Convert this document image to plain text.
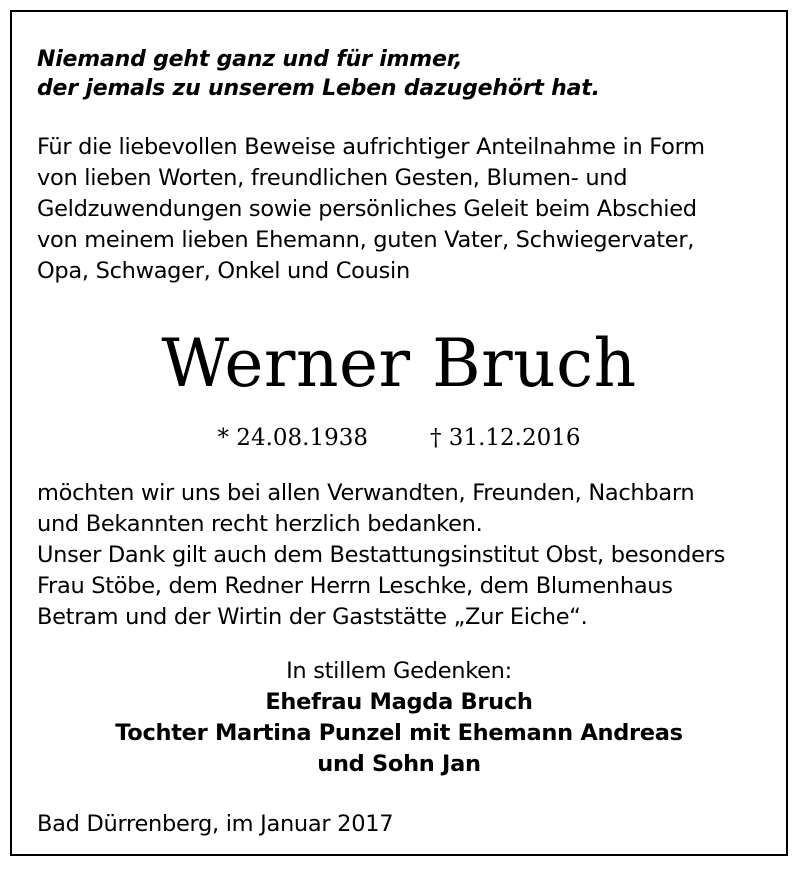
Niemand geht ganz und für immer,
der jemals zu unserem Leben dazugehört hat.
Für die liebevollen Beweise aufrichtiger Anteilnahme in Form
von lieben Worten, freundlichen Gesten, Blumen- und
Geldzuwendungen sowie persönliches Geleit beim Abschied
von meinem lieben Ehemann, guten Vater, Schwiegervater,
Opa, Schwager, Onkel und Cousin
Werner Bruch
* 24.08.1938	† 31.12.2016
möchten wir uns bei allen Verwandten, Freunden, Nachbarn
und Bekannten recht herzlich bedanken.
Unser Dank gilt auch dem Bestattungsinstitut Obst, besonders
Frau Stöbe, dem Redner Herrn Leschke, dem Blumenhaus
Betram und der Wirtin der Gaststätte „Zur Eiche“.
In stillem Gedenken:
Ehefrau Magda Bruch
Tochter Martina Punzel mit Ehemann Andreas
und Sohn Jan
Bad Dürrenberg, im Januar 2017
